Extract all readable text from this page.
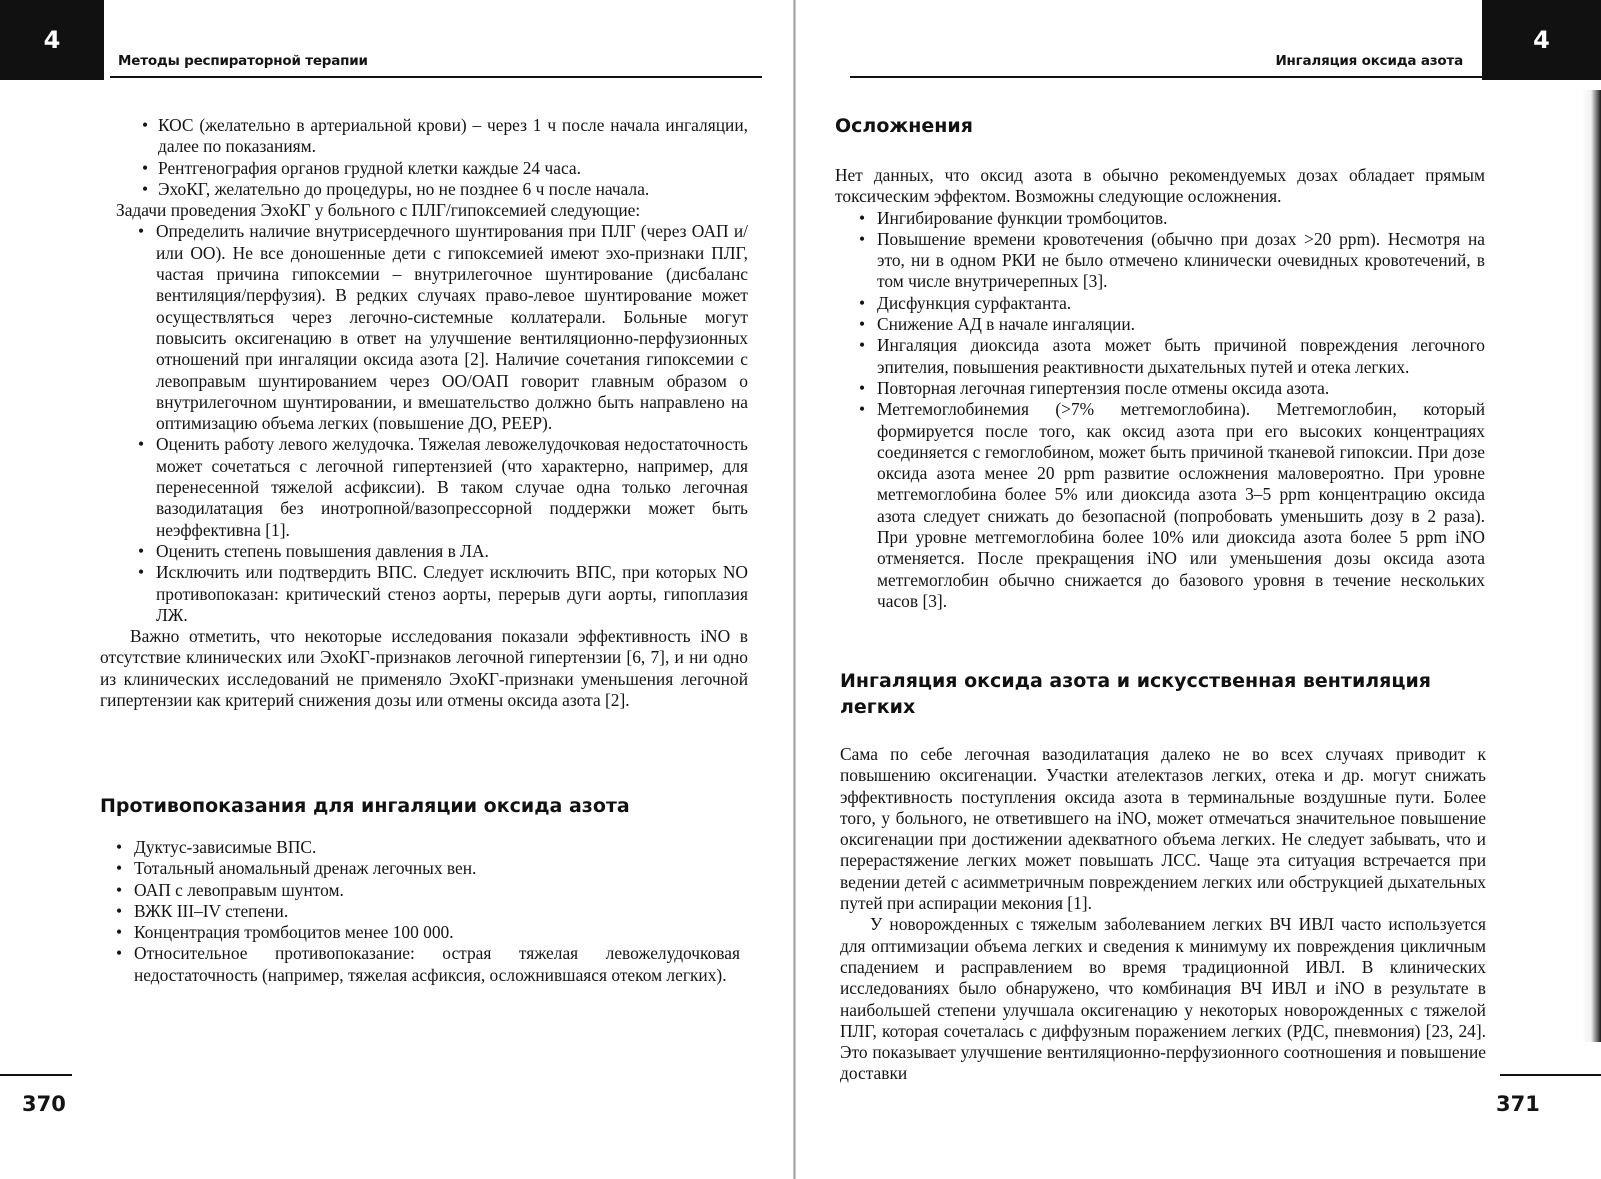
4
Методы респираторной терапии
• КОС (желательно в артериальной крови) – через 1 ч после начала ингаляции, далее по показаниям.
• Рентгенография органов грудной клетки каждые 24 часа.
• ЭхоКГ, желательно до процедуры, но не позднее 6 ч после начала.

Задачи проведения ЭхоКГ у больного с ПЛГ/гипоксемией следующие:

• Определить наличие внутрисердечного шунтирования при ПЛГ (через ОАП и/или ОО). Не все доношенные дети с гипоксемией имеют эхо-признаки ПЛГ, частая причина гипоксемии – внутрилегочное шунтирование (дисбаланс вентиляция/перфузия). В редких случаях право-левое шунтирование может осуществляться через легочно-системные коллатерали. Больные могут повысить оксигенацию в ответ на улучшение вентиляционно-перфузионных отношений при ингаляции оксида азота [2]. Наличие сочетания гипоксемии с левоправым шунтированием через ОО/ОАП говорит главным образом о внутрилегочном шунтировании, и вмешательство должно быть направлено на оптимизацию объема легких (повышение ДО, PEEP).
• Оценить работу левого желудочка. Тяжелая левожелудочковая недостаточность может сочетаться с легочной гипертензией (что характерно, например, для перенесенной тяжелой асфиксии). В таком случае одна только легочная вазодилатация без инотропной/вазопрессорной поддержки может быть неэффективна [1].
• Оценить степень повышения давления в ЛА.
• Исключить или подтвердить ВПС. Следует исключить ВПС, при которых NO противопоказан: критический стеноз аорты, перерыв дуги аорты, гипоплазия ЛЖ.

Важно отметить, что некоторые исследования показали эффективность iNO в отсутствие клинических или ЭхоКГ-признаков легочной гипертензии [6, 7], и ни одно из клинических исследований не применяло ЭхоКГ-признаки уменьшения легочной гипертензии как критерий снижения дозы или отмены оксида азота [2].

Противопоказания для ингаляции оксида азота
• Дуктус-зависимые ВПС.
• Тотальный аномальный дренаж легочных вен.
• ОАП с левоправым шунтом.
• ВЖК III–IV степени.
• Концентрация тромбоцитов менее 100 000.
• Относительное противопоказание: острая тяжелая левожелудочковая недостаточность (например, тяжелая асфиксия, осложнившаяся отеком легких).
370
Ингаляция оксида азота
4
Осложнения

Нет данных, что оксид азота в обычно рекомендуемых дозах обладает прямым токсическим эффектом. Возможны следующие осложнения.

• Ингибирование функции тромбоцитов.
• Повышение времени кровотечения (обычно при дозах >20 ppm). Несмотря на это, ни в одном РКИ не было отмечено клинически очевидных кровотечений, в том числе внутричерепных [3].
• Дисфункция сурфактанта.
• Снижение АД в начале ингаляции.
• Ингаляция диоксида азота может быть причиной повреждения легочного эпителия, повышения реактивности дыхательных путей и отека легких.
• Повторная легочная гипертензия после отмены оксида азота.
• Метгемоглобинемия (>7% метгемоглобина). Метгемоглобин, который формируется после того, как оксид азота при его высоких концентрациях соединяется с гемоглобином, может быть причиной тканевой гипоксии. При дозе оксида азота менее 20 ppm развитие осложнения маловероятно. При уровне метгемоглобина более 5% или диоксида азота 3–5 ppm концентрацию оксида азота следует снижать до безопасной (попробовать уменьшить дозу в 2 раза). При уровне метгемоглобина более 10% или диоксида азота более 5 ppm iNO отменяется. После прекращения iNO или уменьшения дозы оксида азота метгемоглобин обычно снижается до базового уровня в течение нескольких часов [3].
Ингаляция оксида азота и искусственная вентиляция легких

Сама по себе легочная вазодилатация далеко не во всех случаях приводит к повышению оксигенации. Участки ателектазов легких, отека и др. могут снижать эффективность поступления оксида азота в терминальные воздушные пути. Более того, у больного, не ответившего на iNO, может отмечаться значительное повышение оксигенации при достижении адекватного объема легких. Не следует забывать, что и перерастяжение легких может повышать ЛСС. Чаще эта ситуация встречается при ведении детей с асимметричным повреждением легких или обструкцией дыхательных путей при аспирации мекония [1].

У новорожденных с тяжелым заболеванием легких ВЧ ИВЛ часто используется для оптимизации объема легких и сведения к минимуму их повреждения цикличным спадением и расправлением во время традиционной ИВЛ. В клинических исследованиях было обнаружено, что комбинация ВЧ ИВЛ и iNO в результате в наибольшей степени улучшала оксигенацию у некоторых новорожденных с тяжелой ПЛГ, которая сочеталась с диффузным поражением легких (РДС, пневмония) [23, 24]. Это показывает улучшение вентиляционно-перфузионного соотношения и повышение доставки

371
